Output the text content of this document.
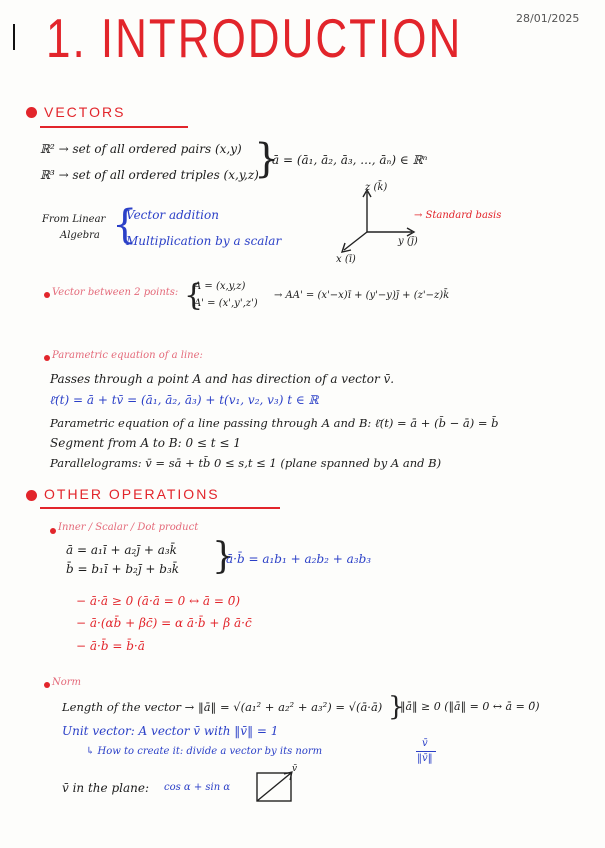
1. INTRODUCTION	28/01/2025
VECTORS
ℝ² → set of all ordered pairs (x,y)
ℝ³ → set of all ordered triples (x,y,z)
}
ā = (ā₁, ā₂, ā₃, ..., āₙ) ∈ ℝⁿ
From Linear
Algebra {
Vector addition
Multiplication by a scalar
z (k̄)
y (j̄)
x (ī)
→ Standard basis
Vector between 2 points: {
A = (x,y,z)
A' = (x',y',z')
→ AA' = (x'−x)ī + (y'−y)j̄ + (z'−z)k̄
Parametric equation of a line:
Passes through a point A and has direction of a vector v̄.
ℓ̄(t) = ā + tv̄ = (ā₁, ā₂, ā₃) + t(v₁, v₂, v₃) t ∈ ℝ
Parametric equation of a line passing through A and B: ℓ̄(t) = ā + (b̄ − ā) = b̄
Segment from A to B: 0 ≤ t ≤ 1
Parallelograms: v̄ = sā + tb̄ 0 ≤ s,t ≤ 1 (plane spanned by A and B)
OTHER OPERATIONS
Inner / Scalar / Dot product
ā = a₁ī + a₂j̄ + a₃k̄
b̄ = b₁ī + b₂j̄ + b₃k̄ }
ā·b̄ = a₁b₁ + a₂b₂ + a₃b₃
− ā·ā ≥ 0 (ā·ā = 0 ↔ ā = 0̄)
− ā·(αb̄ + βc̄) = α ā·b̄ + β ā·c̄
− ā·b̄ = b̄·ā
Norm
Length of the vector → ‖ā‖ = √(a₁² + a₂² + a₃²) = √(ā·ā) }
‖ā‖ ≥ 0 (‖ā‖ = 0 ↔ ā = 0̄)
Unit vector: A vector v̄ with ‖v̄‖ = 1
↳ How to create it: divide a vector by its norm
v̄
‖v̄‖
v̄ in the plane: cos α + sin α
v̄
